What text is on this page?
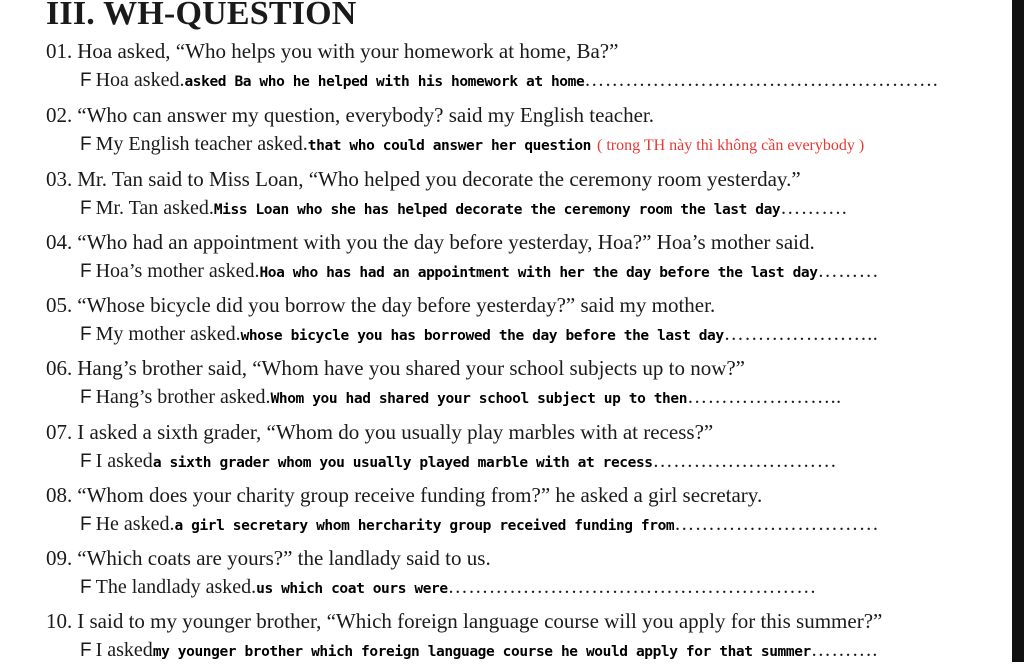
III. WH-QUESTION
01. Hoa asked, “Who helps you with your homework at home, Ba?”
F Hoa asked.asked Ba who he helped with his homework at home…………………………………………….
02. “Who can answer my question, everybody? said my English teacher.
F My English teacher asked.that who could answer her question ( trong TH này thì không cần everybody )
03. Mr. Tan said to Miss Loan, “Who helped you decorate the ceremony room yesterday.”
F Mr. Tan asked.Miss Loan who she has helped decorate the ceremony room the last day……….
04. “Who had an appointment with you the day before yesterday, Hoa?” Hoa’s mother said.
F Hoa’s mother asked.Hoa who has had an appointment with her the day before the last day………
05. “Whose bicycle did you borrow the day before yesterday?” said my mother.
F My mother asked.whose bicycle you has borrowed the day before the last day…………………..
06. Hang’s brother said, “Whom have you shared your school subjects up to now?”
F Hang’s brother asked.Whom you had shared your school subject up to then…………………..
07. I asked a sixth grader, “Whom do you usually play marbles with at recess?”
F I askeda sixth grader whom you usually played marble with at recess………………………
08. “Whom does your charity group receive funding from?” he asked a girl secretary.
F He asked.a girl secretary whom hercharity group received funding from…………………………
09. “Which coats are yours?” the landlady said to us.
F The landlady asked.us which coat ours were………………………………………………
10. I said to my younger brother, “Which foreign language course will you apply for this summer?”
F I askedmy younger brother which foreign language course he would apply for that summer……….
